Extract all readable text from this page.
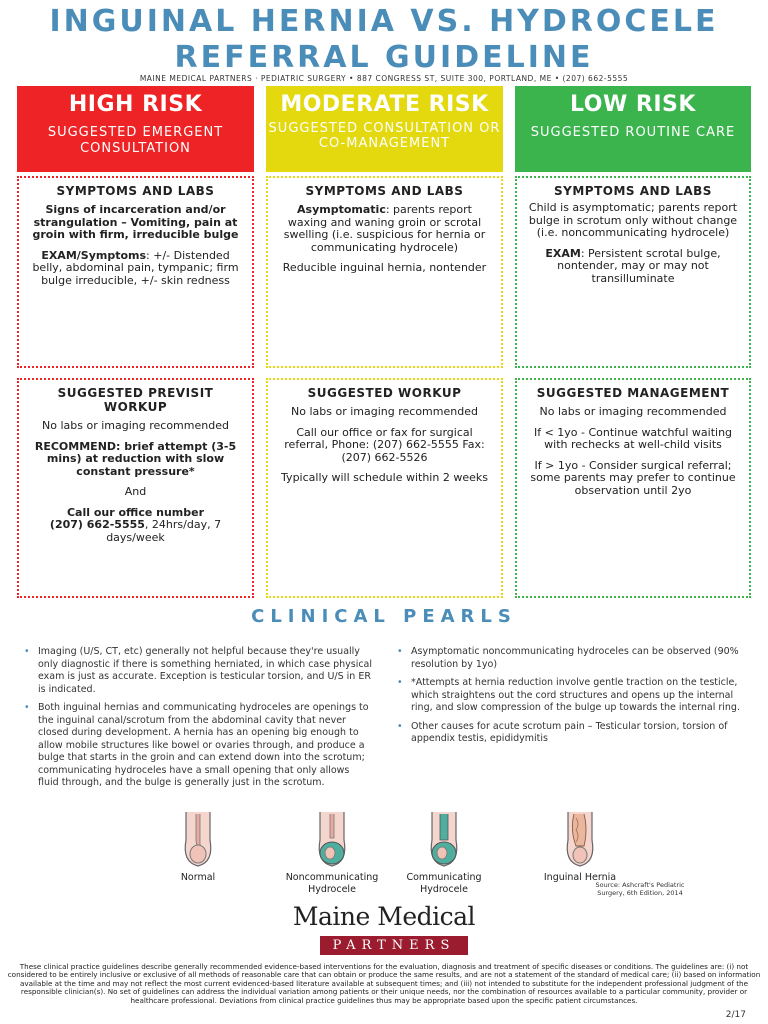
INGUINAL HERNIA VS. HYDROCELE
REFERRAL GUIDELINE
MAINE MEDICAL PARTNERS · PEDIATRIC SURGERY • 887 CONGRESS ST, SUITE 300, PORTLAND, ME • (207) 662-5555
HIGH RISK
SUGGESTED EMERGENT CONSULTATION
MODERATE RISK
SUGGESTED CONSULTATION OR CO-MANAGEMENT
LOW RISK
SUGGESTED ROUTINE CARE
SYMPTOMS AND LABS

Signs of incarceration and/or strangulation – Vomiting, pain at groin with firm, irreducible bulge

EXAM/Symptoms: +/- Distended belly, abdominal pain, tympanic; firm bulge irreducible, +/- skin redness

SYMPTOMS AND LABS

Asymptomatic: parents report waxing and waning groin or scrotal swelling (i.e. suspicious for hernia or communicating hydrocele)

Reducible inguinal hernia, nontender

SYMPTOMS AND LABS

Child is asymptomatic; parents report bulge in scrotum only without change (i.e. noncommunicating hydrocele)

EXAM: Persistent scrotal bulge, nontender, may or may not transilluminate

SUGGESTED PREVISIT WORKUP

No labs or imaging recommended

RECOMMEND: brief attempt (3-5 mins) at reduction with slow constant pressure*

And

Call our office number
(207) 662-5555, 24hrs/day, 7 days/week

SUGGESTED WORKUP

No labs or imaging recommended

Call our office or fax for surgical referral, Phone: (207) 662-5555 Fax: (207) 662-5526

Typically will schedule within 2 weeks

SUGGESTED MANAGEMENT

No labs or imaging recommended

If < 1yo - Continue watchful waiting with rechecks at well-child visits

If > 1yo - Consider surgical referral; some parents may prefer to continue observation until 2yo

CLINICAL PEARLS
• Imaging (U/S, CT, etc) generally not helpful because they're usually only diagnostic if there is something herniated, in which case physical exam is just as accurate. Exception is testicular torsion, and U/S in ER is indicated.
• Both inguinal hernias and communicating hydroceles are openings to the inguinal canal/scrotum from the abdominal cavity that never closed during development. A hernia has an opening big enough to allow mobile structures like bowel or ovaries through, and produce a bulge that starts in the groin and can extend down into the scrotum; communicating hydroceles have a small opening that only allows fluid through, and the bulge is generally just in the scrotum.
• Asymptomatic noncommunicating hydroceles can be observed (90% resolution by 1yo)
• *Attempts at hernia reduction involve gentle traction on the testicle, which straightens out the cord structures and opens up the internal ring, and slow compression of the bulge up towards the internal ring.
• Other causes for acute scrotum pain – Testicular torsion, torsion of appendix testis, epididymitis
Normal	Noncommunicating
Hydrocele
Communicating
Hydrocele
Inguinal Hernia
Source: Ashcraft's Pediatric Surgery, 6th Edition, 2014
Maine Medical
PARTNERS
These clinical practice guidelines describe generally recommended evidence-based interventions for the evaluation, diagnosis and treatment of specific diseases or conditions. The guidelines are: (i) not considered to be entirely inclusive or exclusive of all methods of reasonable care that can obtain or produce the same results, and are not a statement of the standard of medical care; (ii) based on information available at the time and may not reflect the most current evidenced-based literature available at subsequent times; and (iii) not intended to substitute for the independent professional judgment of the responsible clinician(s). No set of guidelines can address the individual variation among patients or their unique needs, nor the combination of resources available to a particular community, provider or healthcare professional. Deviations from clinical practice guidelines thus may be appropriate based upon the specific patient circumstances.
2/17
